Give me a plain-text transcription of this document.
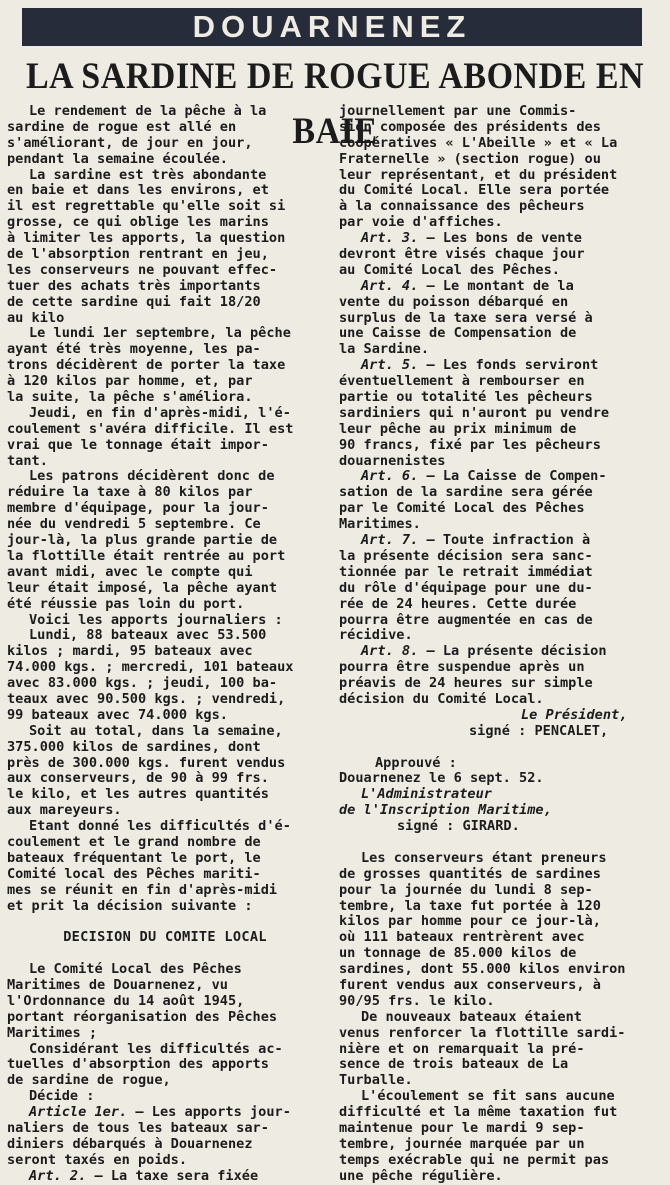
DOUARNENEZ
LA SARDINE DE ROGUE ABONDE EN BAIE
Le rendement de la pêche à la
sardine de rogue est allé en
s'améliorant, de jour en jour,
pendant la semaine écoulée.
La sardine est très abondante
en baie et dans les environs, et
il est regrettable qu'elle soit si
grosse, ce qui oblige les marins
à limiter les apports, la question
de l'absorption rentrant en jeu,
les conserveurs ne pouvant effec-
tuer des achats très importants
de cette sardine qui fait 18/20
au kilo
Le lundi 1er septembre, la pêche
ayant été très moyenne, les pa-
trons décidèrent de porter la taxe
à 120 kilos par homme, et, par
la suite, la pêche s'améliora.
Jeudi, en fin d'après-midi, l'é-
coulement s'avéra difficile. Il est
vrai que le tonnage était impor-
tant.
Les patrons décidèrent donc de
réduire la taxe à 80 kilos par
membre d'équipage, pour la jour-
née du vendredi 5 septembre. Ce
jour-là, la plus grande partie de
la flottille était rentrée au port
avant midi, avec le compte qui
leur était imposé, la pêche ayant
été réussie pas loin du port.
Voici les apports journaliers :
Lundi, 88 bateaux avec 53.500
kilos ; mardi, 95 bateaux avec
74.000 kgs. ; mercredi, 101 bateaux
avec 83.000 kgs. ; jeudi, 100 ba-
teaux avec 90.500 kgs. ; vendredi,
99 bateaux avec 74.000 kgs.
Soit au total, dans la semaine,
375.000 kilos de sardines, dont
près de 300.000 kgs. furent vendus
aux conserveurs, de 90 à 99 frs.
le kilo, et les autres quantités
aux mareyeurs.
Etant donné les difficultés d'é-
coulement et le grand nombre de
bateaux fréquentant le port, le
Comité local des Pêches mariti-
mes se réunit en fin d'après-midi
et prit la décision suivante :
DECISION DU COMITE LOCAL
Le Comité Local des Pêches
Maritimes de Douarnenez, vu
l'Ordonnance du 14 août 1945,
portant réorganisation des Pêches
Maritimes ;
Considérant les difficultés ac-
tuelles d'absorption des apports
de sardine de rogue,
Décide :
Article 1er. — Les apports jour-
naliers de tous les bateaux sar-
diniers débarqués à Douarnenez
seront taxés en poids.
Art. 2. — La taxe sera fixée
journellement par une Commis-
sion composée des présidents des
coopératives « L'Abeille » et « La
Fraternelle » (section rogue) ou
leur représentant, et du président
du Comité Local. Elle sera portée
à la connaissance des pêcheurs
par voie d'affiches.
Art. 3. — Les bons de vente
devront être visés chaque jour
au Comité Local des Pêches.
Art. 4. — Le montant de la
vente du poisson débarqué en
surplus de la taxe sera versé à
une Caisse de Compensation de
la Sardine.
Art. 5. — Les fonds serviront
éventuellement à rembourser en
partie ou totalité les pêcheurs
sardiniers qui n'auront pu vendre
leur pêche au prix minimum de
90 francs, fixé par les pêcheurs
douarnenistes
Art. 6. — La Caisse de Compen-
sation de la sardine sera gérée
par le Comité Local des Pêches
Maritimes.
Art. 7. — Toute infraction à
la présente décision sera sanc-
tionnée par le retrait immédiat
du rôle d'équipage pour une du-
rée de 24 heures. Cette durée
pourra être augmentée en cas de
récidive.
Art. 8. — La présente décision
pourra être suspendue après un
préavis de 24 heures sur simple
décision du Comité Local.
Le Président,
signé : PENCALET,
Approuvé :
Douarnenez le 6 sept. 52.
L'Administrateur
de l'Inscription Maritime,
signé : GIRARD.
Les conserveurs étant preneurs
de grosses quantités de sardines
pour la journée du lundi 8 sep-
tembre, la taxe fut portée à 120
kilos par homme pour ce jour-là,
où 111 bateaux rentrèrent avec
un tonnage de 85.000 kilos de
sardines, dont 55.000 kilos environ
furent vendus aux conserveurs, à
90/95 frs. le kilo.
De nouveaux bateaux étaient
venus renforcer la flottille sardi-
nière et on remarquait la pré-
sence de trois bateaux de La
Turballe.
L'écoulement se fit sans aucune
difficulté et la même taxation fut
maintenue pour le mardi 9 sep-
tembre, journée marquée par un
temps exécrable qui ne permit pas
une pêche régulière.
